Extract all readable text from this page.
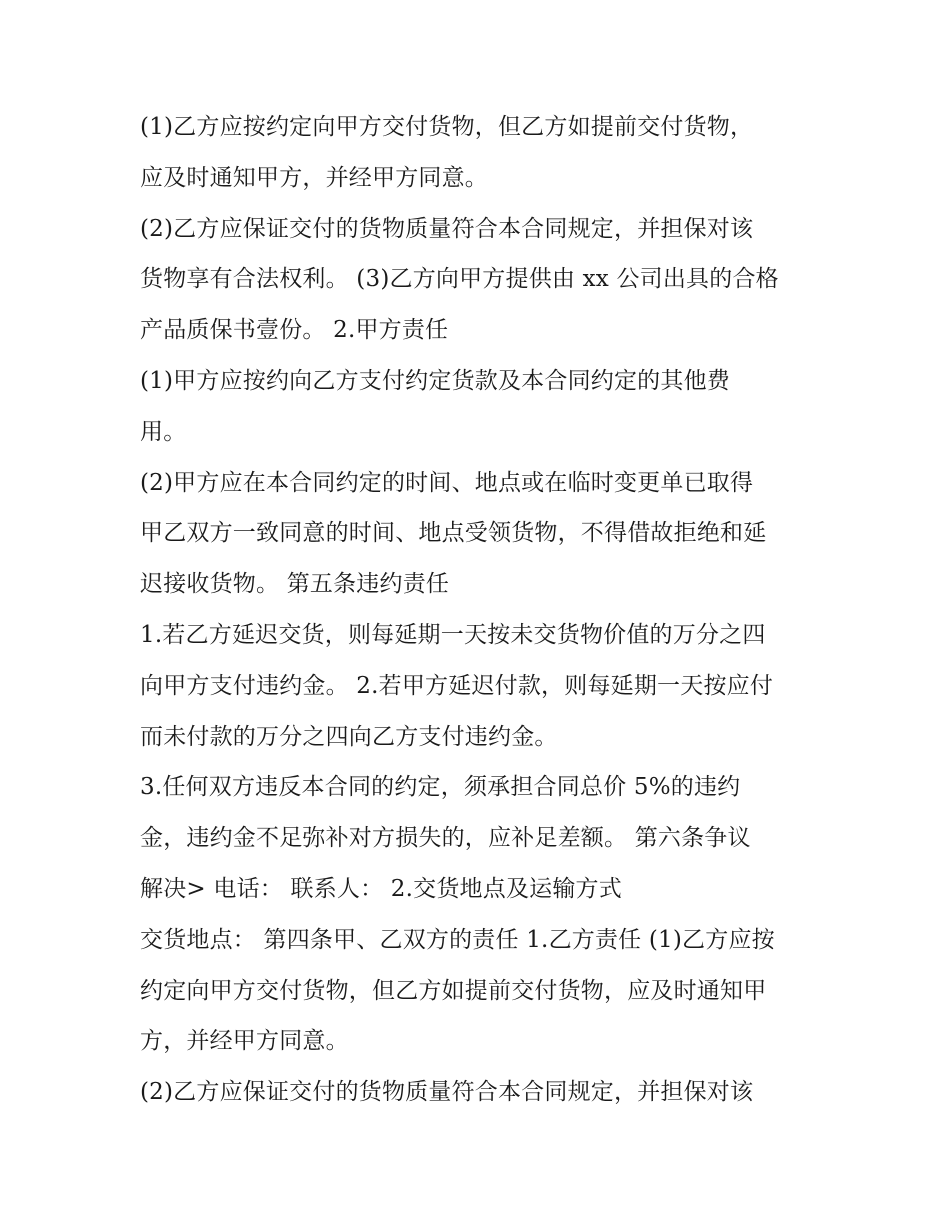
(1)乙方应按约定向甲方交付货物，但乙方如提前交付货物，
应及时通知甲方，并经甲方同意。
(2)乙方应保证交付的货物质量符合本合同规定，并担保对该
货物享有合法权利。 (3)乙方向甲方提供由 xx 公司出具的合格
产品质保书壹份。 2.甲方责任
(1)甲方应按约向乙方支付约定货款及本合同约定的其他费
用。
(2)甲方应在本合同约定的时间、地点或在临时变更单已取得
甲乙双方一致同意的时间、地点受领货物，不得借故拒绝和延
迟接收货物。 第五条违约责任
1.若乙方延迟交货，则每延期一天按未交货物价值的万分之四
向甲方支付违约金。 2.若甲方延迟付款，则每延期一天按应付
而未付款的万分之四向乙方支付违约金。
3.任何双方违反本合同的约定，须承担合同总价 5%的违约
金，违约金不足弥补对方损失的，应补足差额。 第六条争议
解决> 电话： 联系人： 2.交货地点及运输方式
交货地点： 第四条甲、乙双方的责任 1.乙方责任 (1)乙方应按
约定向甲方交付货物，但乙方如提前交付货物，应及时通知甲
方，并经甲方同意。
(2)乙方应保证交付的货物质量符合本合同规定，并担保对该
